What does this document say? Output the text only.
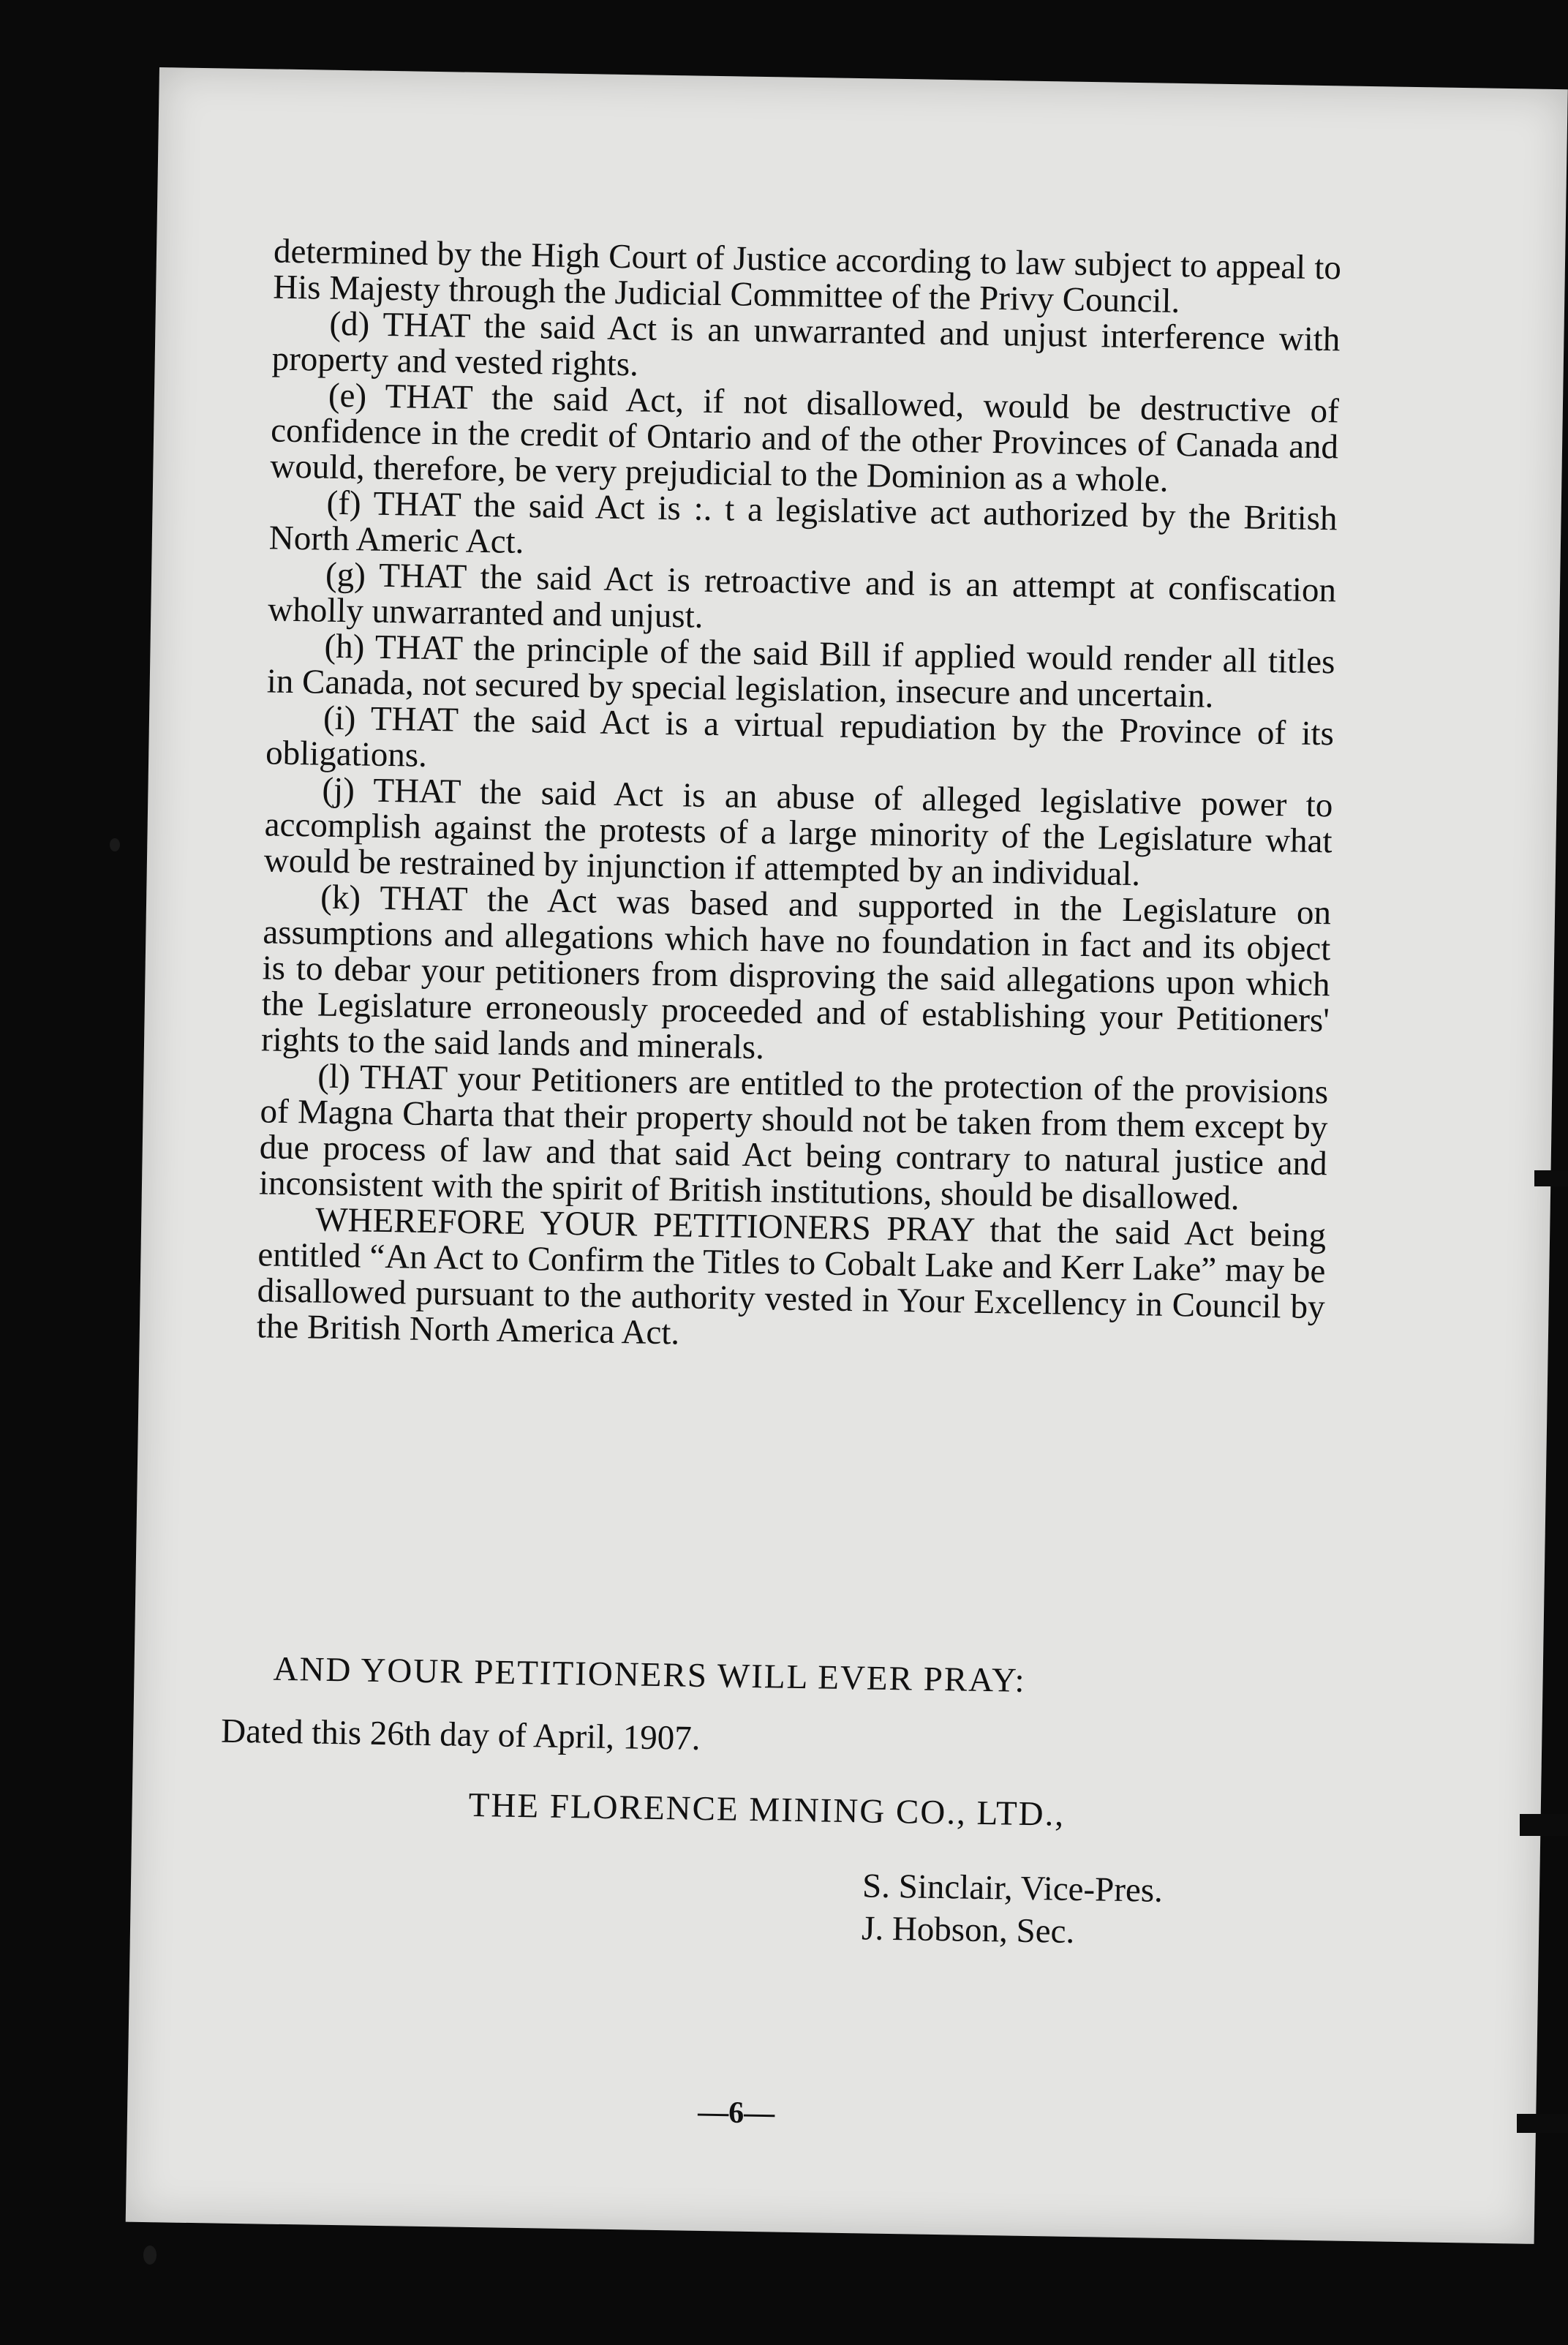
determined by the High Court of Justice according to law subject to appeal to His Majesty through the Judicial Committee of the Privy Council.

(d) THAT the said Act is an unwarranted and unjust interference with property and vested rights.

(e) THAT the said Act, if not disallowed, would be destructive of confidence in the credit of Ontario and of the other Provinces of Canada and would, therefore, be very prejudicial to the Dominion as a whole.

(f) THAT the said Act is :. t a legislative act authorized by the British North Americ Act.

(g) THAT the said Act is retroactive and is an attempt at confiscation wholly unwarranted and unjust.

(h) THAT the principle of the said Bill if applied would render all titles in Canada, not secured by special legislation, insecure and uncertain.

(i) THAT the said Act is a virtual repudiation by the Province of its obligations.

(j) THAT the said Act is an abuse of alleged legislative power to accomplish against the protests of a large minority of the Legislature what would be restrained by injunction if attempted by an individual.

(k) THAT the Act was based and supported in the Legislature on assumptions and allegations which have no foundation in fact and its object is to debar your petitioners from disproving the said allegations upon which the Legislature erroneously proceeded and of establishing your Petitioners' rights to the said lands and minerals.

(l) THAT your Petitioners are entitled to the protection of the provisions of Magna Charta that their property should not be taken from them except by due process of law and that said Act being contrary to natural justice and inconsistent with the spirit of British institutions, should be disallowed.

WHEREFORE YOUR PETITIONERS PRAY that the said Act being entitled “An Act to Confirm the Titles to Cobalt Lake and Kerr Lake” may be disallowed pursuant to the authority vested in Your Excellency in Council by the British North America Act.

AND YOUR PETITIONERS WILL EVER PRAY:

Dated this 26th day of April, 1907.

THE FLORENCE MINING CO., LTD.,

S. Sinclair, Vice-Pres.
J. Hobson, Sec.
—6—
